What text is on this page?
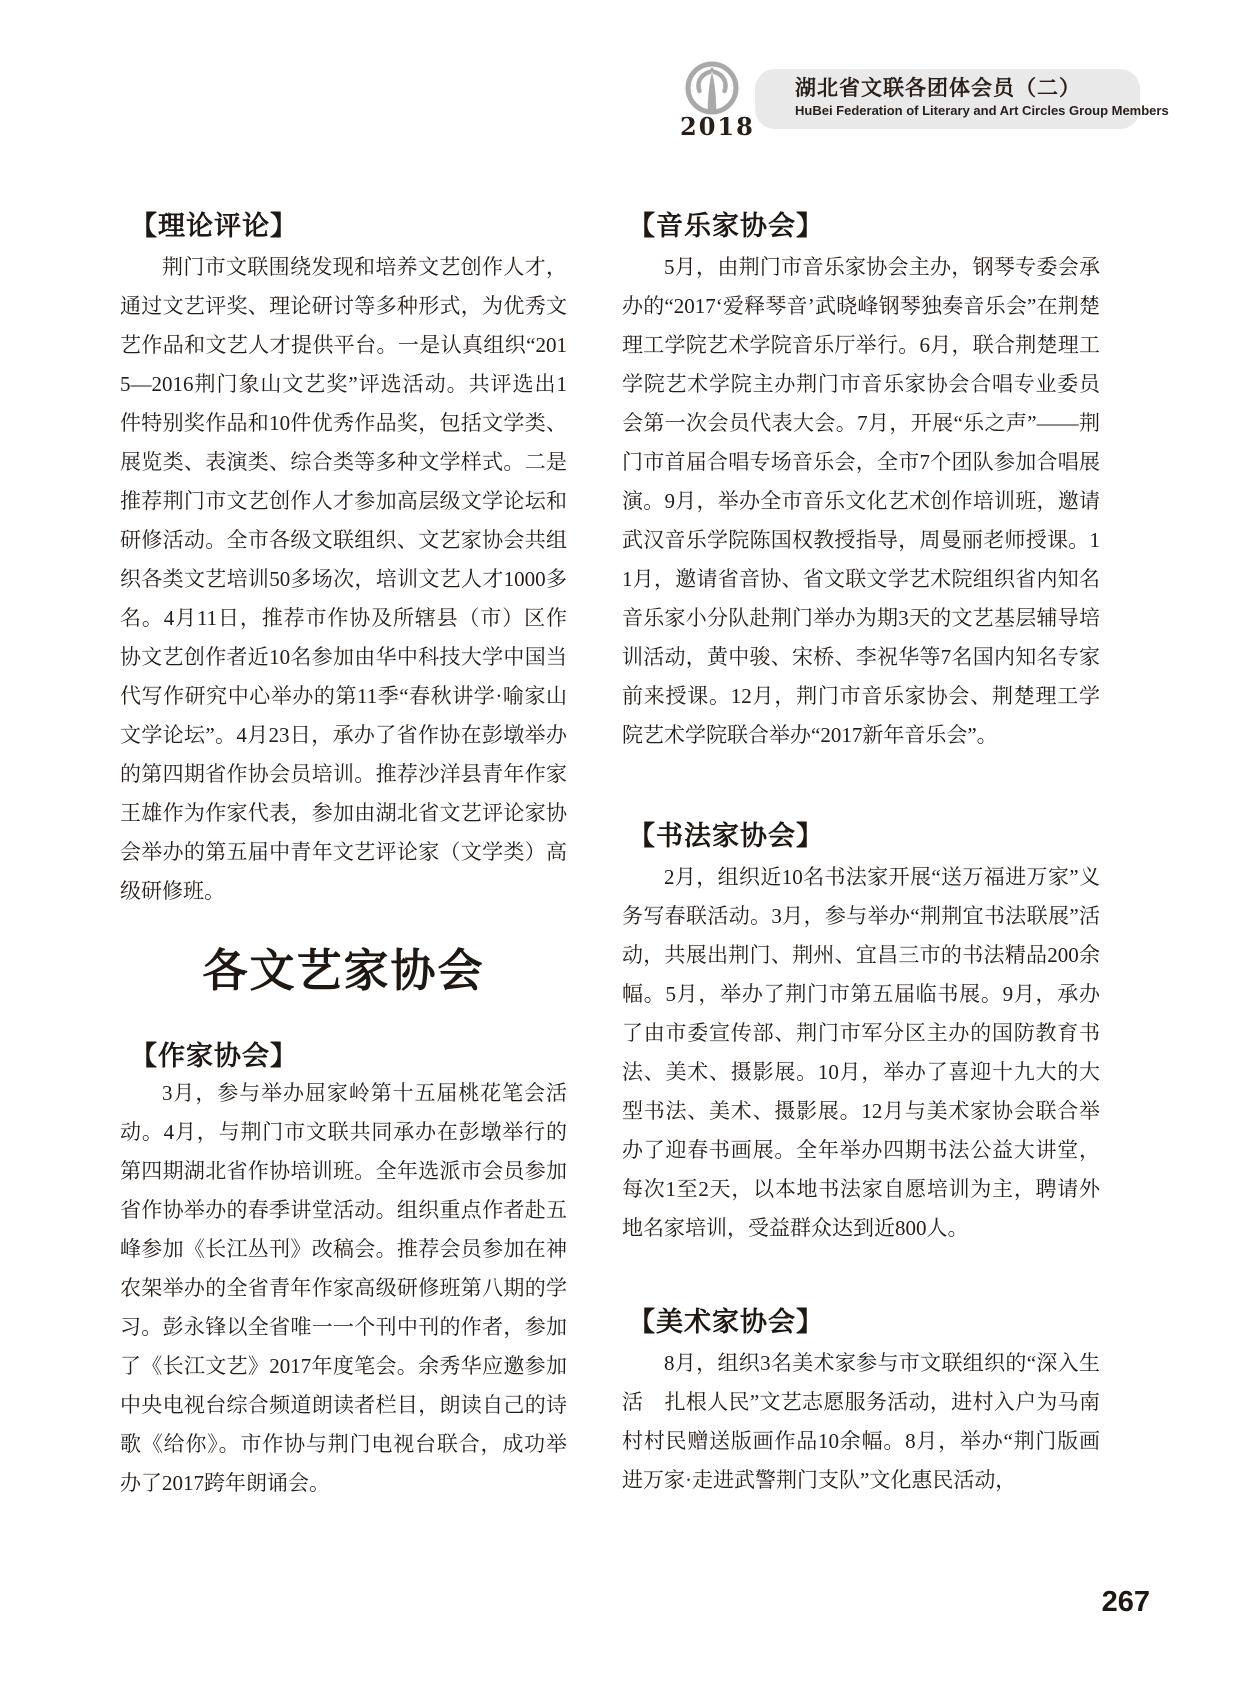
2018
湖北省文联各团体会员（二）
HuBei Federation of Literary and Art Circles Group Members
【理论评论】

荆门市文联围绕发现和培养文艺创作人才，通过文艺评奖、理论研讨等多种形式，为优秀文艺作品和文艺人才提供平台。一是认真组织“2015—2016荆门象山文艺奖”评选活动。共评选出1件特别奖作品和10件优秀作品奖，包括文学类、展览类、表演类、综合类等多种文学样式。二是推荐荆门市文艺创作人才参加高层级文学论坛和研修活动。全市各级文联组织、文艺家协会共组织各类文艺培训50多场次，培训文艺人才1000多名。4月11日，推荐市作协及所辖县（市）区作协文艺创作者近10名参加由华中科技大学中国当代写作研究中心举办的第11季“春秋讲学·喻家山文学论坛”。4月23日，承办了省作协在彭墩举办的第四期省作协会员培训。推荐沙洋县青年作家王雄作为作家代表，参加由湖北省文艺评论家协会举办的第五届中青年文艺评论家（文学类）高级研修班。

各文艺家协会
【作家协会】

3月，参与举办屈家岭第十五届桃花笔会活动。4月，与荆门市文联共同承办在彭墩举行的第四期湖北省作协培训班。全年选派市会员参加省作协举办的春季讲堂活动。组织重点作者赴五峰参加《长江丛刊》改稿会。推荐会员参加在神农架举办的全省青年作家高级研修班第八期的学习。彭永锋以全省唯一一个刊中刊的作者，参加了《长江文艺》2017年度笔会。余秀华应邀参加中央电视台综合频道朗读者栏目，朗读自己的诗歌《给你》。市作协与荆门电视台联合，成功举办了2017跨年朗诵会。

【音乐家协会】

5月，由荆门市音乐家协会主办，钢琴专委会承办的“2017‘爱释琴音’武晓峰钢琴独奏音乐会”在荆楚理工学院艺术学院音乐厅举行。6月，联合荆楚理工学院艺术学院主办荆门市音乐家协会合唱专业委员会第一次会员代表大会。7月，开展“乐之声”——荆门市首届合唱专场音乐会，全市7个团队参加合唱展演。9月，举办全市音乐文化艺术创作培训班，邀请武汉音乐学院陈国权教授指导，周曼丽老师授课。11月，邀请省音协、省文联文学艺术院组织省内知名音乐家小分队赴荆门举办为期3天的文艺基层辅导培训活动，黄中骏、宋桥、李祝华等7名国内知名专家前来授课。12月，荆门市音乐家协会、荆楚理工学院艺术学院联合举办“2017新年音乐会”。

【书法家协会】

2月，组织近10名书法家开展“送万福进万家”义务写春联活动。3月，参与举办“荆荆宜书法联展”活动，共展出荆门、荆州、宜昌三市的书法精品200余幅。5月，举办了荆门市第五届临书展。9月，承办了由市委宣传部、荆门市军分区主办的国防教育书法、美术、摄影展。10月，举办了喜迎十九大的大型书法、美术、摄影展。12月与美术家协会联合举办了迎春书画展。全年举办四期书法公益大讲堂，每次1至2天，以本地书法家自愿培训为主，聘请外地名家培训，受益群众达到近800人。

【美术家协会】

8月，组织3名美术家参与市文联组织的“深入生活　扎根人民”文艺志愿服务活动，进村入户为马南村村民赠送版画作品10余幅。8月，举办“荆门版画进万家·走进武警荆门支队”文化惠民活动，

267
